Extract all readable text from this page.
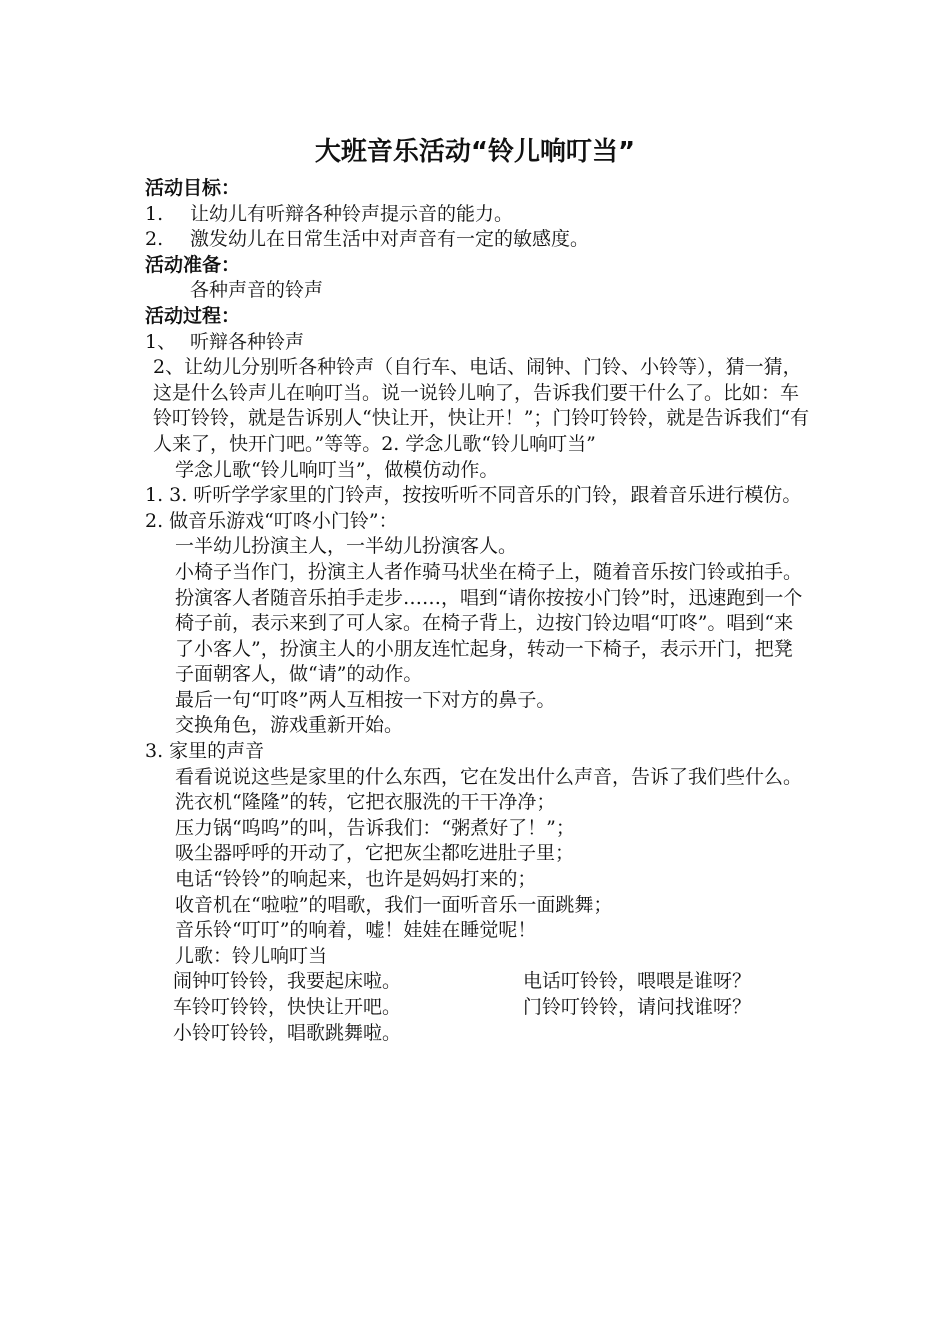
大班音乐活动“铃儿响叮当”

活动目标：

1. 让幼儿有听辩各种铃声提示音的能力。

2. 激发幼儿在日常生活中对声音有一定的敏感度。

活动准备：

各种声音的铃声

活动过程：

1、 听辩各种铃声

2、让幼儿分别听各种铃声（自行车、电话、闹钟、门铃、小铃等），猜一猜，这是什么铃声儿在响叮当。说一说铃儿响了，告诉我们要干什么了。比如：车铃叮铃铃，就是告诉别人“快让开，快让开！”；门铃叮铃铃，就是告诉我们“有人来了，快开门吧。”等等。2. 学念儿歌“铃儿响叮当”

学念儿歌“铃儿响叮当”，做模仿动作。

1. 3. 听听学学家里的门铃声，按按听听不同音乐的门铃，跟着音乐进行模仿。

2. 做音乐游戏“叮咚小门铃”：

一半幼儿扮演主人，一半幼儿扮演客人。

小椅子当作门，扮演主人者作骑马状坐在椅子上，随着音乐按门铃或拍手。扮演客人者随音乐拍手走步……，唱到“请你按按小门铃”时，迅速跑到一个椅子前，表示来到了可人家。在椅子背上，边按门铃边唱“叮咚”。唱到“来了小客人”，扮演主人的小朋友连忙起身，转动一下椅子，表示开门，把凳子面朝客人，做“请”的动作。

最后一句“叮咚”两人互相按一下对方的鼻子。

交换角色，游戏重新开始。

3. 家里的声音

看看说说这些是家里的什么东西，它在发出什么声音，告诉了我们些什么。

洗衣机“隆隆”的转，它把衣服洗的干干净净；

压力锅“呜呜”的叫，告诉我们：“粥煮好了！”；

吸尘器呼呼的开动了，它把灰尘都吃进肚子里；

电话“铃铃”的响起来，也许是妈妈打来的；

收音机在“啦啦”的唱歌，我们一面听音乐一面跳舞；

音乐铃“叮叮”的响着，嘘！娃娃在睡觉呢！

儿歌：铃儿响叮当

闹钟叮铃铃，我要起床啦。	电话叮铃铃，喂喂是谁呀？
车铃叮铃铃，快快让开吧。	门铃叮铃铃，请问找谁呀？
小铃叮铃铃，唱歌跳舞啦。
